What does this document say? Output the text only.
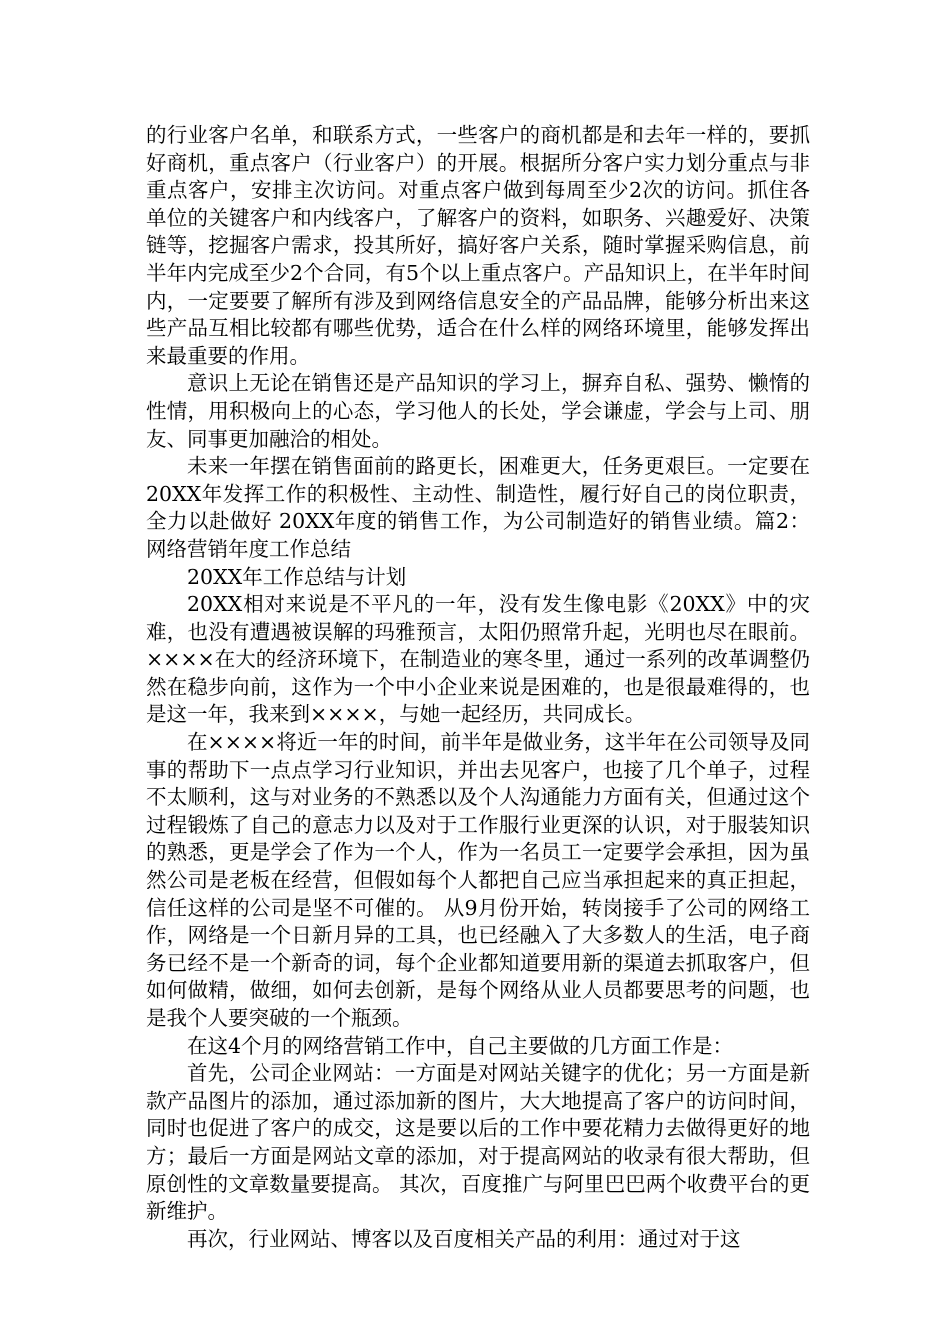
的行业客户名单，和联系方式，一些客户的商机都是和去年一样的，要抓好商机，重点客户（行业客户）的开展。根据所分客户实力划分重点与非重点客户，安排主次访问。对重点客户做到每周至少2次的访问。抓住各单位的关键客户和内线客户，了解客户的资料，如职务、兴趣爱好、决策链等，挖掘客户需求，投其所好，搞好客户关系，随时掌握采购信息，前半年内完成至少2个合同，有5个以上重点客户。产品知识上，在半年时间内，一定要要了解所有涉及到网络信息安全的产品品牌，能够分析出来这些产品互相比较都有哪些优势，适合在什么样的网络环境里，能够发挥出来最重要的作用。

意识上无论在销售还是产品知识的学习上，摒弃自私、强势、懒惰的性情，用积极向上的心态，学习他人的长处，学会谦虚，学会与上司、朋友、同事更加融洽的相处。

未来一年摆在销售面前的路更长，困难更大，任务更艰巨。一定要在20XX年发挥工作的积极性、主动性、制造性，履行好自己的岗位职责，全力以赴做好 20XX年度的销售工作，为公司制造好的销售业绩。篇2：网络营销年度工作总结

20XX年工作总结与计划

20XX相对来说是不平凡的一年，没有发生像电影《20XX》中的灾难，也没有遭遇被误解的玛雅预言，太阳仍照常升起，光明也尽在眼前。××××在大的经济环境下，在制造业的寒冬里，通过一系列的改革调整仍然在稳步向前，这作为一个中小企业来说是困难的，也是很最难得的，也是这一年，我来到××××，与她一起经历，共同成长。

在××××将近一年的时间，前半年是做业务，这半年在公司领导及同事的帮助下一点点学习行业知识，并出去见客户，也接了几个单子，过程不太顺利，这与对业务的不熟悉以及个人沟通能力方面有关，但通过这个过程锻炼了自己的意志力以及对于工作服行业更深的认识，对于服装知识的熟悉，更是学会了作为一个人，作为一名员工一定要学会承担，因为虽然公司是老板在经营，但假如每个人都把自己应当承担起来的真正担起，信任这样的公司是坚不可催的。 从9月份开始，转岗接手了公司的网络工作，网络是一个日新月异的工具，也已经融入了大多数人的生活，电子商务已经不是一个新奇的词，每个企业都知道要用新的渠道去抓取客户，但如何做精，做细，如何去创新，是每个网络从业人员都要思考的问题，也是我个人要突破的一个瓶颈。

在这4个月的网络营销工作中，自己主要做的几方面工作是：

首先，公司企业网站：一方面是对网站关键字的优化；另一方面是新款产品图片的添加，通过添加新的图片，大大地提高了客户的访问时间，同时也促进了客户的成交，这是要以后的工作中要花精力去做得更好的地方；最后一方面是网站文章的添加，对于提高网站的收录有很大帮助，但原创性的文章数量要提高。 其次，百度推广与阿里巴巴两个收费平台的更新维护。

再次，行业网站、博客以及百度相关产品的利用：通过对于这
